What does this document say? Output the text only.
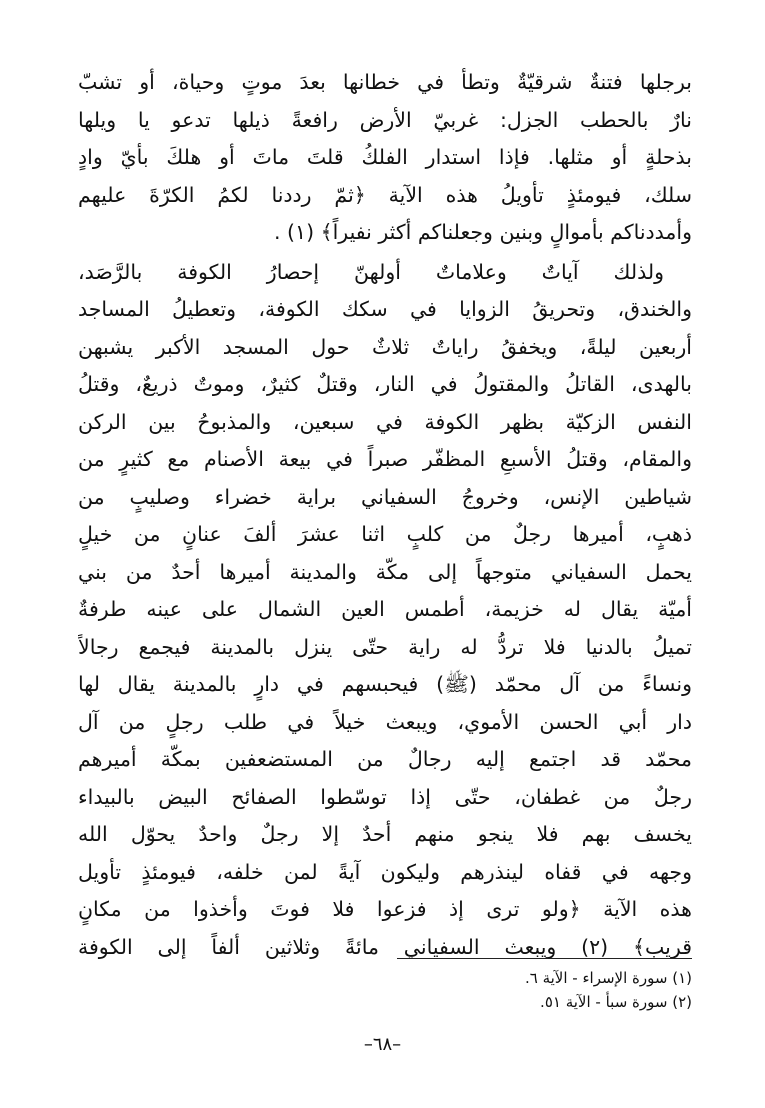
برجلها فتنةٌ شرقيّةٌ وتطأ في خطانها بعدَ موتٍ وحياة، أو تشبّ

نارٌ بالحطب الجزل: غربيّ الأرض رافعةً ذيلها تدعو يا ويلها

بذحلةٍ أو مثلها. فإذا استدار الفلكُ قلتَ ماتَ أو هلكَ بأيّ وادٍ

سلك، فيومئذٍ تأويلُ هذه الآية ﴿ثمّ رددنا لكمُ الكرّةَ عليهم

وأمددناكم بأموالٍ وبنين وجعلناكم أكثر نفيراً﴾ (١) .

ولذلك آياتٌ وعلاماتٌ أولهنّ إحصارُ الكوفة بالرَّصَد،

والخندق، وتحريقُ الزوايا في سكك الكوفة، وتعطيلُ المساجد

أربعين ليلةً، ويخفقُ راياتٌ ثلاثٌ حول المسجد الأكبر يشبهن

بالهدى، القاتلُ والمقتولُ في النار، وقتلٌ كثيرٌ، وموتٌ ذريعٌ، وقتلُ

النفس الزكيّة بظهر الكوفة في سبعين، والمذبوحُ بين الركن

والمقام، وقتلُ الأسبعِ المظفّر صبراً في بيعة الأصنام مع كثيرٍ من

شياطين الإنس، وخروجُ السفياني براية خضراء وصليبٍ من

ذهبٍ، أميرها رجلٌ من كلبٍ اثنا عشرَ ألفَ عنانٍ من خيلٍ

يحمل السفياني متوجهاً إلى مكّة والمدينة أميرها أحدٌ من بني

أميّة يقال له خزيمة، أطمس العين الشمال على عينه طرفةٌ

تميلُ بالدنيا فلا تردُّ له راية حتّى ينزل بالمدينة فيجمع رجالاً

ونساءً من آل محمّد (ﷺ) فيحبسهم في دارٍ بالمدينة يقال لها

دار أبي الحسن الأموي، ويبعث خيلاً في طلب رجلٍ من آل

محمّد قد اجتمع إليه رجالٌ من المستضعفين بمكّة أميرهم

رجلٌ من غطفان، حتّى إذا توسّطوا الصفائح البيض بالبيداء

يخسف بهم فلا ينجو منهم أحدٌ إلا رجلٌ واحدٌ يحوّل الله

وجهه في قفاه لينذرهم وليكون آيةً لمن خلفه، فيومئذٍ تأويل

هذه الآية ﴿ولو ترى إذ فزعوا فلا فوتَ وأخذوا من مكانٍ

قريب﴾ (٢) ويبعث السفياني مائةً وثلاثين ألفاً إلى الكوفة

(١) سورة الإسراء - الآية ٦.

(٢) سورة سبأ - الآية ٥١.

–٦٨–
